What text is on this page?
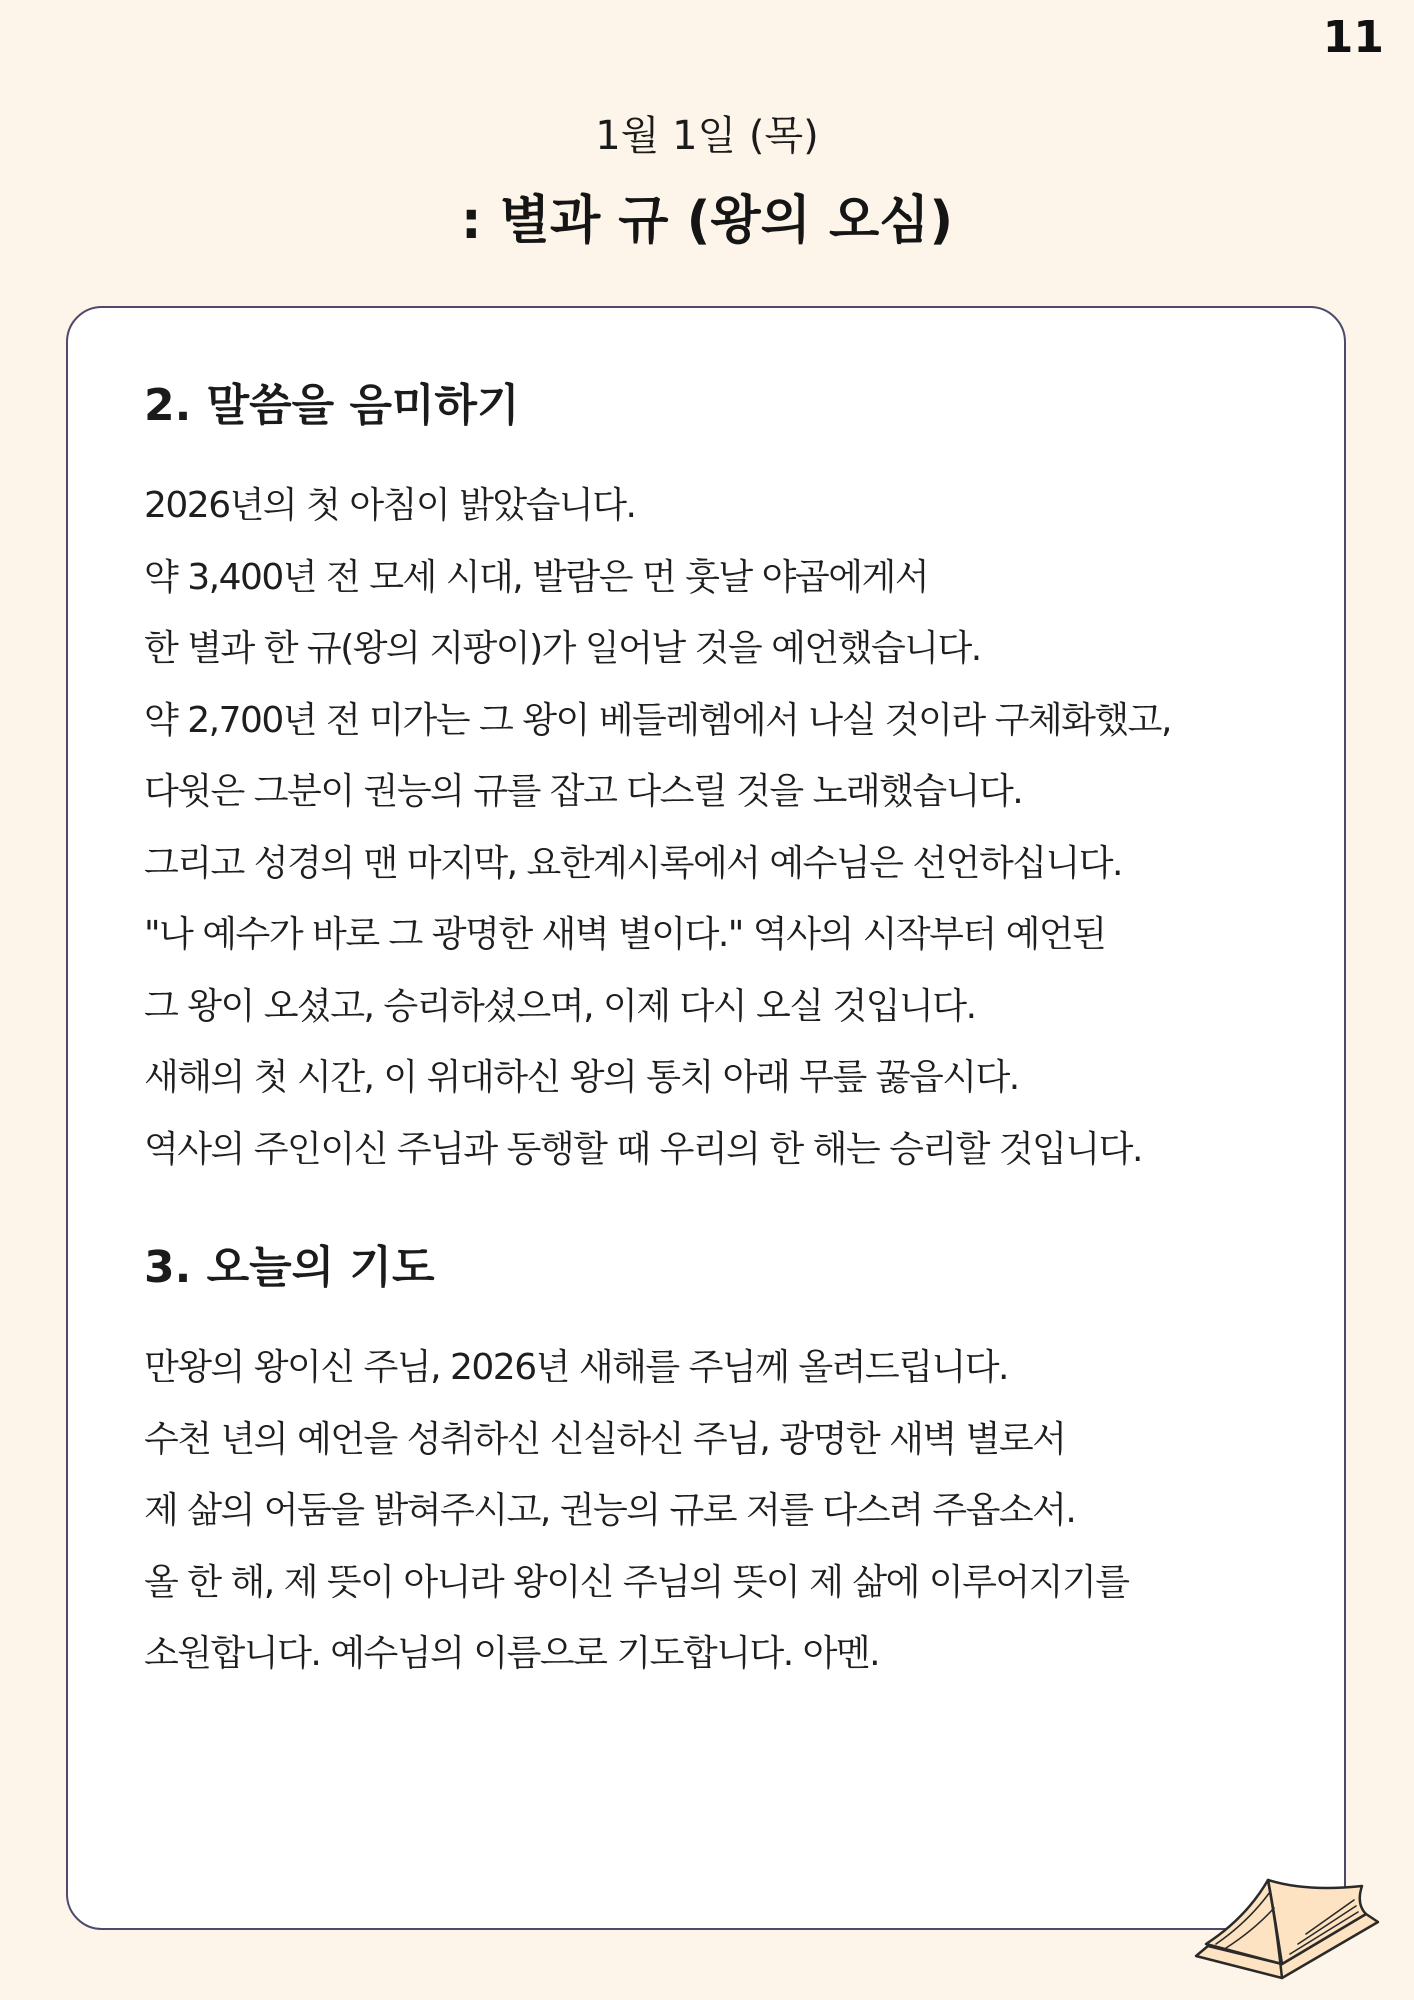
11
1월 1일 (목)
: 별과 규 (왕의 오심)
2. 말씀을 음미하기
2026년의 첫 아침이 밝았습니다.
약 3,400년 전 모세 시대, 발람은 먼 훗날 야곱에게서
한 별과 한 규(왕의 지팡이)가 일어날 것을 예언했습니다.
약 2,700년 전 미가는 그 왕이 베들레헴에서 나실 것이라 구체화했고,
다윗은 그분이 권능의 규를 잡고 다스릴 것을 노래했습니다.
그리고 성경의 맨 마지막, 요한계시록에서 예수님은 선언하십니다.
"나 예수가 바로 그 광명한 새벽 별이다." 역사의 시작부터 예언된
그 왕이 오셨고, 승리하셨으며, 이제 다시 오실 것입니다.
새해의 첫 시간, 이 위대하신 왕의 통치 아래 무릎 꿇읍시다.
역사의 주인이신 주님과 동행할 때 우리의 한 해는 승리할 것입니다.
3. 오늘의 기도
만왕의 왕이신 주님, 2026년 새해를 주님께 올려드립니다.
수천 년의 예언을 성취하신 신실하신 주님, 광명한 새벽 별로서
제 삶의 어둠을 밝혀주시고, 권능의 규로 저를 다스려 주옵소서.
올 한 해, 제 뜻이 아니라 왕이신 주님의 뜻이 제 삶에 이루어지기를
소원합니다. 예수님의 이름으로 기도합니다. 아멘.
